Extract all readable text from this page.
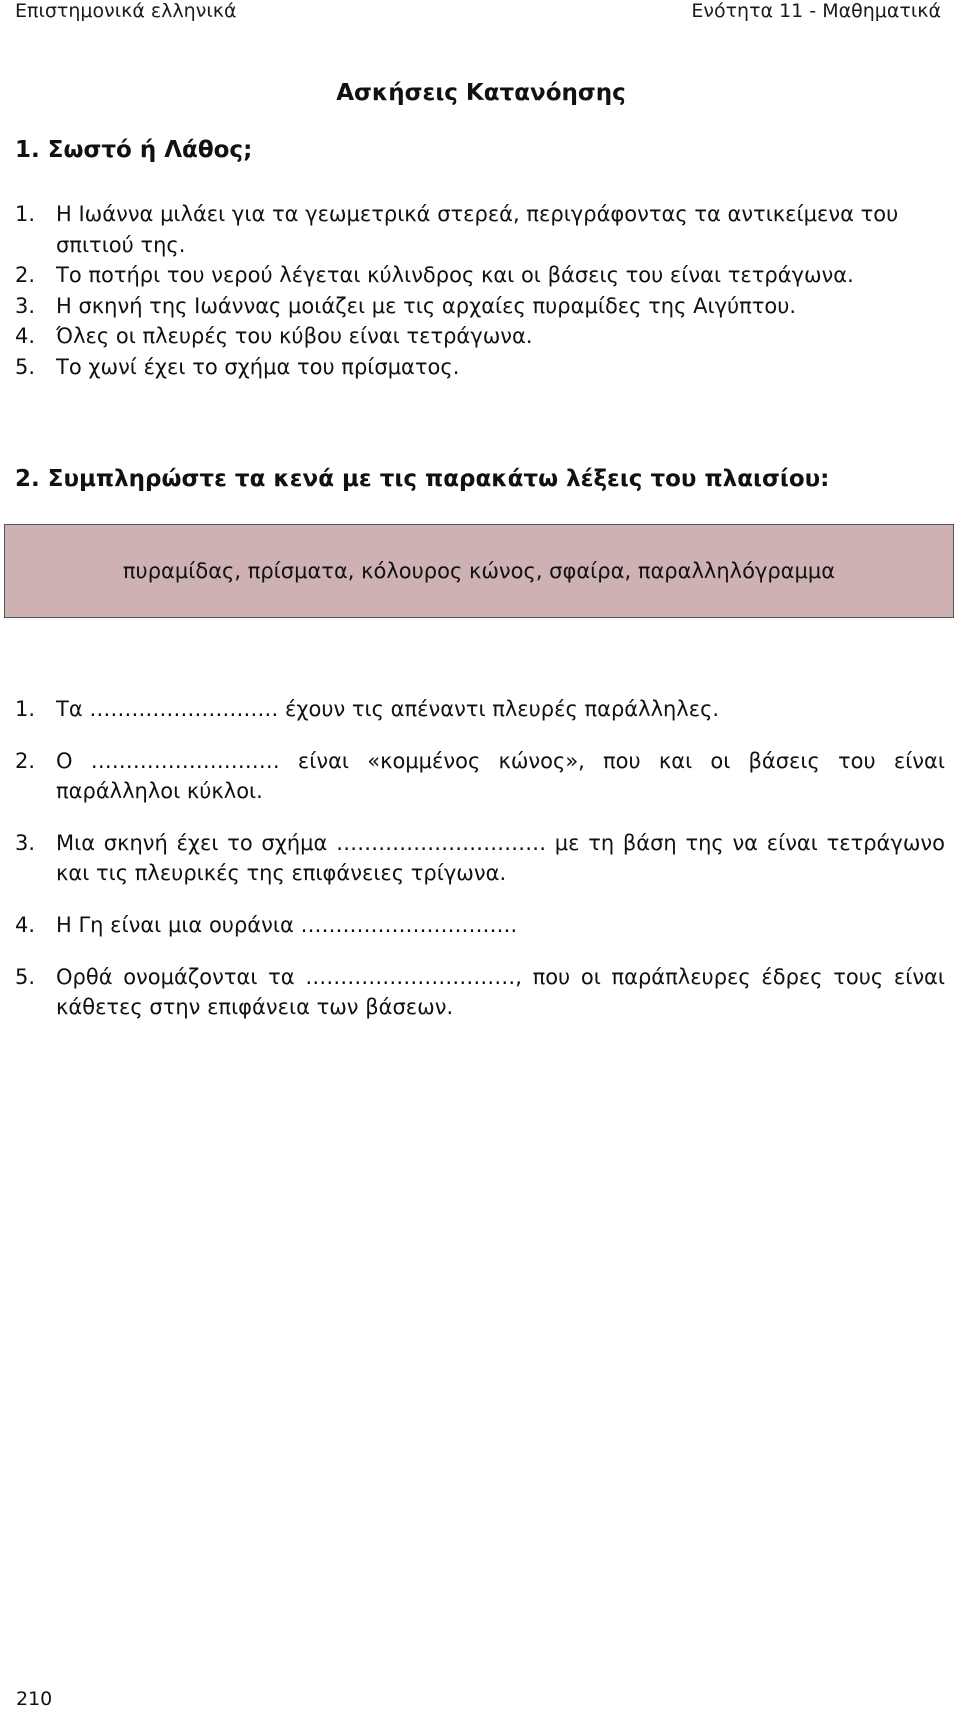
Επιστημονικά ελληνικά	Ενότητα 11 - Μαθηματικά
Ασκήσεις Κατανόησης
1. Σωστό ή Λάθος;
1. Η Ιωάννα μιλάει για τα γεωμετρικά στερεά, περιγράφοντας τα αντικείμενα του σπιτιού της.
2. Το ποτήρι του νερού λέγεται κύλινδρος και οι βάσεις του είναι τετράγωνα.
3. Η σκηνή της Ιωάννας μοιάζει με τις αρχαίες πυραμίδες της Αιγύπτου.
4. Όλες οι πλευρές του κύβου είναι τετράγωνα.
5. Το χωνί έχει το σχήμα του πρίσματος.
2. Συμπληρώστε τα κενά με τις παρακάτω λέξεις του πλαισίου:
πυραμίδας, πρίσματα, κόλουρος κώνος, σφαίρα, παραλληλόγραμμα
1. Τα ……………………… έχουν τις απέναντι πλευρές παράλληλες.
2. Ο ……………………… είναι «κομμένος κώνος», που και οι βάσεις του είναι παράλληλοι κύκλοι.
3. Μια σκηνή έχει το σχήμα ………………………… με τη βάση της να είναι τετράγωνο και τις πλευρικές της επιφάνειες τρίγωνα.
4. Η Γη είναι μια ουράνια ………………………….
5. Ορθά ονομάζονται τα …………………………, που οι παράπλευρες έδρες τους είναι κάθετες στην επιφάνεια των βάσεων.
210
